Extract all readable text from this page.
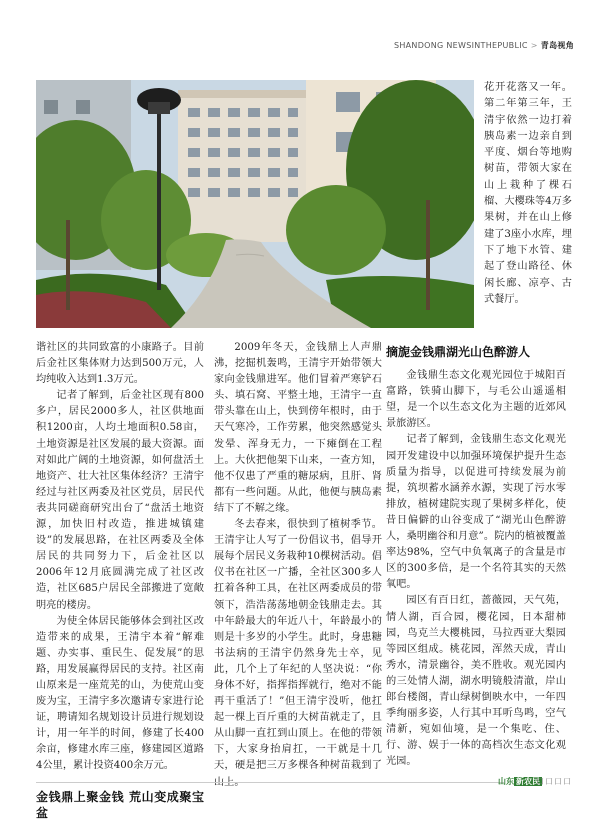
SHANDONG NEWSINTHEPUBLIC > 青岛视角
花开花落又一年。第二年第三年，王清宇依然一边打着胰岛素一边亲自到平度、烟台等地购树苗，带领大家在山上栽种了棵石榴、大樱珠等4万多果树，并在山上修建了3座小水库，埋下了地下水管、建起了登山路径、休闲长廊、凉亭、古式餐厅。

谐社区的共同致富的小康路子。目前后金社区集体财力达到500万元，人均纯收入达到1.3万元。

记者了解到，后金社区现有800多户，居民2000多人，社区供地面积1200亩，人均土地面积0.58亩，土地资源是社区发展的最大资源。面对如此广阔的土地资源，如何盘活土地资产、壮大社区集体经济？王清宇经过与社区两委及社区党员，居民代表共同磋商研究出台了“盘活土地资源，加快旧村改造，推进城镇建设”的发展思路，在社区两委及全体居民的共同努力下，后金社区以2006年12月底圆满完成了社区改造，社区685户居民全部搬进了宽敞明亮的楼房。

为使全体居民能够体会到社区改造带来的成果，王清宇本着“解难题、办实事、重民生、促发展”的思路，用发展赢得居民的支持。社区南山原来是一座荒芜的山，为使荒山变废为宝，王清宇多次邀请专家进行论证，聘请知名规划设计员进行规划设计，用一年半的时间，修建了长400余亩，修建水库三座，修建园区道路4公里，累计投资400余万元。

金钱鼎上聚金钱 荒山变成聚宝盆

2009年冬天，金钱鼎上人声鼎沸，挖掘机轰鸣，王清宇开始带领大家向金钱鼎进军。他们冒着严寒铲石头、填石窝、平整土地，王清宇一直带头靠在山上，快到傍年根时，由于天气寒冷，工作劳累，他突然感觉头发晕、浑身无力，一下瘫倒在工程上。大伙把他架下山来，一查方知，他不仅患了严重的糖尿病，且肝、肾都有一些问题。从此，他便与胰岛素结下了不解之缘。

冬去春来，很快到了植树季节。王清宇让人写了一份倡议书，倡导开展每个居民义务栽种10棵树活动。倡仪书在社区一广播，全社区300多人扛着各种工具，在社区两委成员的带领下，浩浩荡荡地朝金钱鼎走去。其中年龄最大的年近八十，年龄最小的则是十多岁的小学生。此时，身患糖书法病的王清宇仍然身先士卒，见此，几个上了年纪的人坚决说：“你身体不好，指挥指挥就行，绝对不能再干重活了！”但王清宇没听，他扛起一棵上百斤重的大树苗就走了，且从山脚一直扛到山顶上。在他的带领下，大家身抬肩扛，一干就是十几天，硬是把三万多棵各种树苗栽到了山上。

摘旎金钱鼎湖光山色醉游人

金钱鼎生态文化观光园位于城阳百富路，铁骑山脚下，与毛公山遥遥相望，是一个以生态文化为主题的近郊风景旅游区。

记者了解到，金钱鼎生态文化观光园开发建设中以加强环境保护提升生态质量为指导，以促进可持续发展为前提，筑坝蓄水涵养水源，实现了污水零排放，植树建院实现了果树多样化，使昔日偏僻的山谷变成了“湖光山色醉游人，桑明幽谷和月意”。院内的植被覆盖率达98%，空气中负氧离子的含量是市区的300多倍，是一个名符其实的天然氧吧。

园区有百日红，蔷薇园，天气苑，情人湖，百合园，樱花园，日本甜柿园，鸟克兰大樱桃园，马拉西亚大梨园等园区组成。桃花园，浑然天成，青山秀水，清景幽谷，美不胜收。观光园内的三处情人湖，湖水明镜般清澈，岸山郎台楼阁，青山绿树倒映水中，一年四季绚丽多姿，人行其中耳听鸟鸣，空气清新，宛如仙境，是一个集吃、住、行、游、娱于一体的高档次生态文化观光园。

山东 新农民
口口口口
